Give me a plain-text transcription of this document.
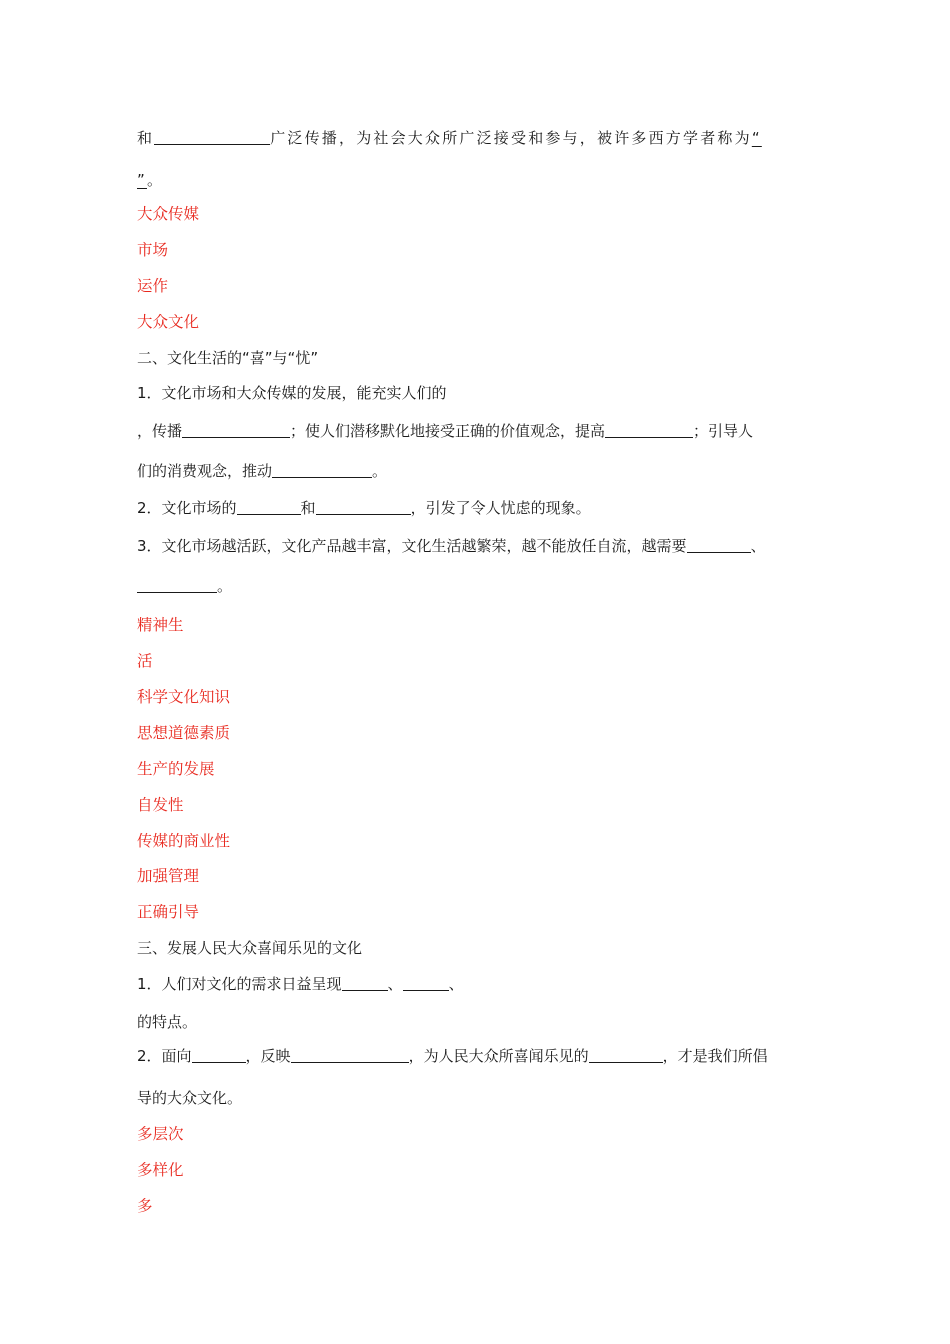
和	广泛传播，为社会大众所广泛接受和参与，被许多西方学者称为“
”。
大众传媒
市场
运作
大众文化
二、文化生活的“喜”与“忧”
1．文化市场和大众传媒的发展，能充实人们的
，传播	；使人们潜移默化地接受正确的价值观念，提高	；引导人
们的消费观念，推动	。
2．文化市场的	和	，引发了令人忧虑的现象。
3．文化市场越活跃，文化产品越丰富，文化生活越繁荣，越不能放任自流，越需要	、
。
精神生
活
科学文化知识
思想道德素质
生产的发展
自发性
传媒的商业性
加强管理
正确引导
三、发展人民大众喜闻乐见的文化
1．人们对文化的需求日益呈现	、	、
的特点。
2．面向	，反映	，为人民大众所喜闻乐见的	，才是我们所倡
导的大众文化。
多层次
多样化
多
